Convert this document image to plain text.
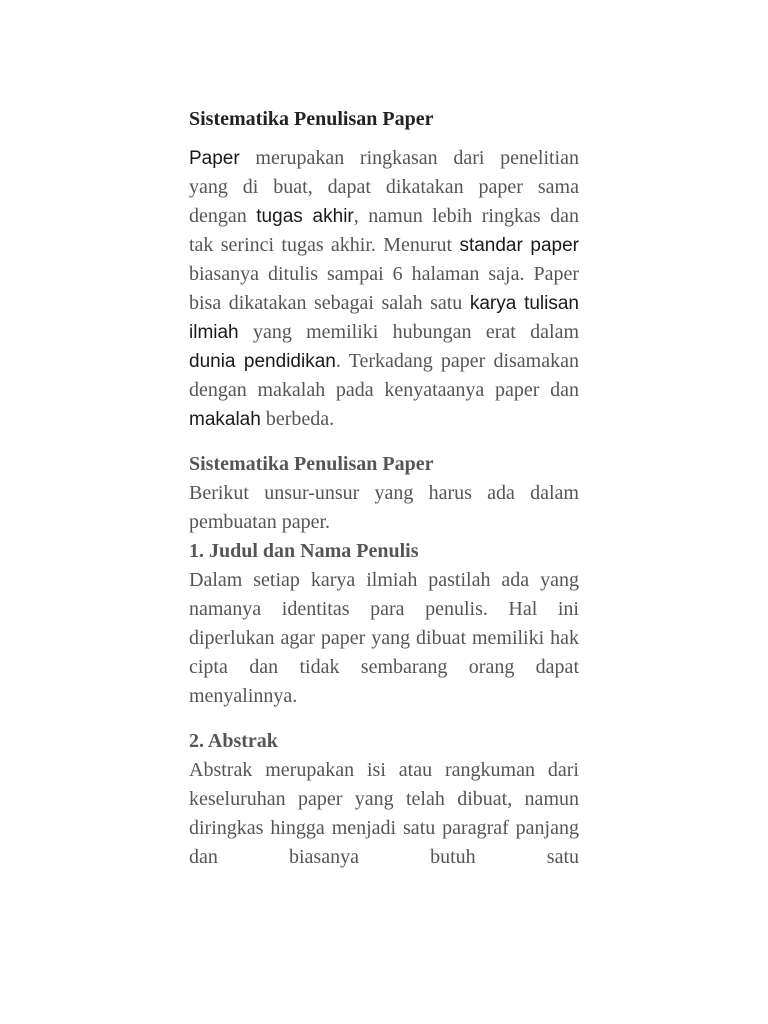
Sistematika Penulisan Paper

Paper merupakan ringkasan dari penelitian yang di buat, dapat dikatakan paper sama dengan tugas akhir, namun lebih ringkas dan tak serinci tugas akhir. Menurut standar paper biasanya ditulis sampai 6 halaman saja. Paper bisa dikatakan sebagai salah satu karya tulisan ilmiah yang memiliki hubungan erat dalam dunia pendidikan. Terkadang paper disamakan dengan makalah pada kenyataanya paper dan makalah berbeda.

Sistematika Penulisan Paper

Berikut unsur-unsur yang harus ada dalam pembuatan paper.

1. Judul dan Nama Penulis

Dalam setiap karya ilmiah pastilah ada yang namanya identitas para penulis. Hal ini diperlukan agar paper yang dibuat memiliki hak cipta dan tidak sembarang orang dapat menyalinnya.

2. Abstrak

Abstrak merupakan isi atau rangkuman dari keseluruhan paper yang telah dibuat, namun diringkas hingga menjadi satu paragraf panjang dan biasanya butuh satu
